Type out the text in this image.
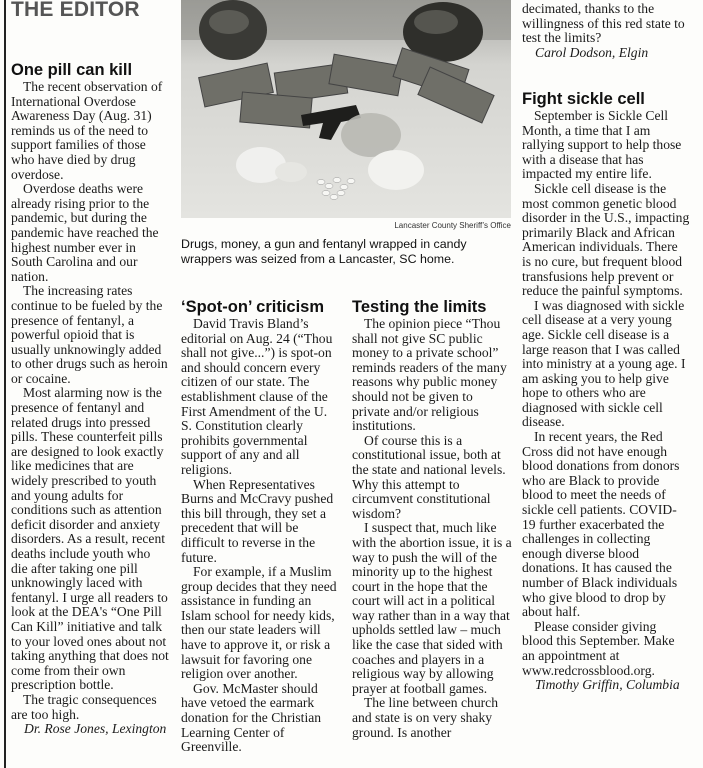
THE EDITOR
One pill can kill

The recent observation of International Overdose Awareness Day (Aug. 31) reminds us of the need to support families of those who have died by drug overdose.

Overdose deaths were already rising prior to the pandemic, but during the pandemic have reached the highest number ever in South Carolina and our nation.

The increasing rates continue to be fueled by the presence of fentanyl, a powerful opioid that is usually unknowingly added to other drugs such as heroin or cocaine.

Most alarming now is the presence of fentanyl and related drugs into pressed pills. These counterfeit pills are designed to look exactly like medicines that are widely prescribed to youth and young adults for conditions such as attention deficit disorder and anxiety disorders. As a result, recent deaths include youth who die after taking one pill unknowingly laced with fentanyl. I urge all readers to look at the DEA's “One Pill Can Kill” initiative and talk to your loved ones about not taking anything that does not come from their own prescription bottle.

The tragic consequences are too high.

Dr. Rose Jones, Lexington

Lancaster County Sheriff’s Office
Drugs, money, a gun and fentanyl wrapped in candy wrappers was seized from a Lancaster, SC home.
‘Spot-on’ criticism

David Travis Bland’s editorial on Aug. 24 (“Thou shall not give...”) is spot-on and should concern every citizen of our state. The establishment clause of the First Amendment of the U. S. Constitution clearly prohibits governmental support of any and all religions.

When Representatives Burns and McCravy pushed this bill through, they set a precedent that will be difficult to reverse in the future.

For example, if a Muslim group decides that they need assistance in funding an Islam school for needy kids, then our state leaders will have to approve it, or risk a lawsuit for favoring one religion over another.

Gov. McMaster should have vetoed the earmark donation for the Christian Learning Center of Greenville.

Testing the limits

The opinion piece “Thou shall not give SC public money to a private school” reminds readers of the many reasons why public money should not be given to private and/or religious institutions.

Of course this is a constitutional issue, both at the state and national levels. Why this attempt to circumvent constitutional wisdom?

I suspect that, much like with the abortion issue, it is a way to push the will of the minority up to the highest court in the hope that the court will act in a political way rather than in a way that upholds settled law – much like the case that sided with coaches and players in a religious way by allowing prayer at football games.

The line between church and state is on very shaky ground. Is another

decimated, thanks to the willingness of this red state to test the limits?

Carol Dodson, Elgin

Fight sickle cell

September is Sickle Cell Month, a time that I am rallying support to help those with a disease that has impacted my entire life.

Sickle cell disease is the most common genetic blood disorder in the U.S., impacting primarily Black and African American individuals. There is no cure, but frequent blood transfusions help prevent or reduce the painful symptoms.

I was diagnosed with sickle cell disease at a very young age. Sickle cell disease is a large reason that I was called into ministry at a young age. I am asking you to help give hope to others who are diagnosed with sickle cell disease.

In recent years, the Red Cross did not have enough blood donations from donors who are Black to provide blood to meet the needs of sickle cell patients. COVID-19 further exacerbated the challenges in collecting enough diverse blood donations. It has caused the number of Black individuals who give blood to drop by about half.

Please consider giving blood this September. Make an appointment at www.redcrossblood.org.

Timothy Griffin, Columbia
